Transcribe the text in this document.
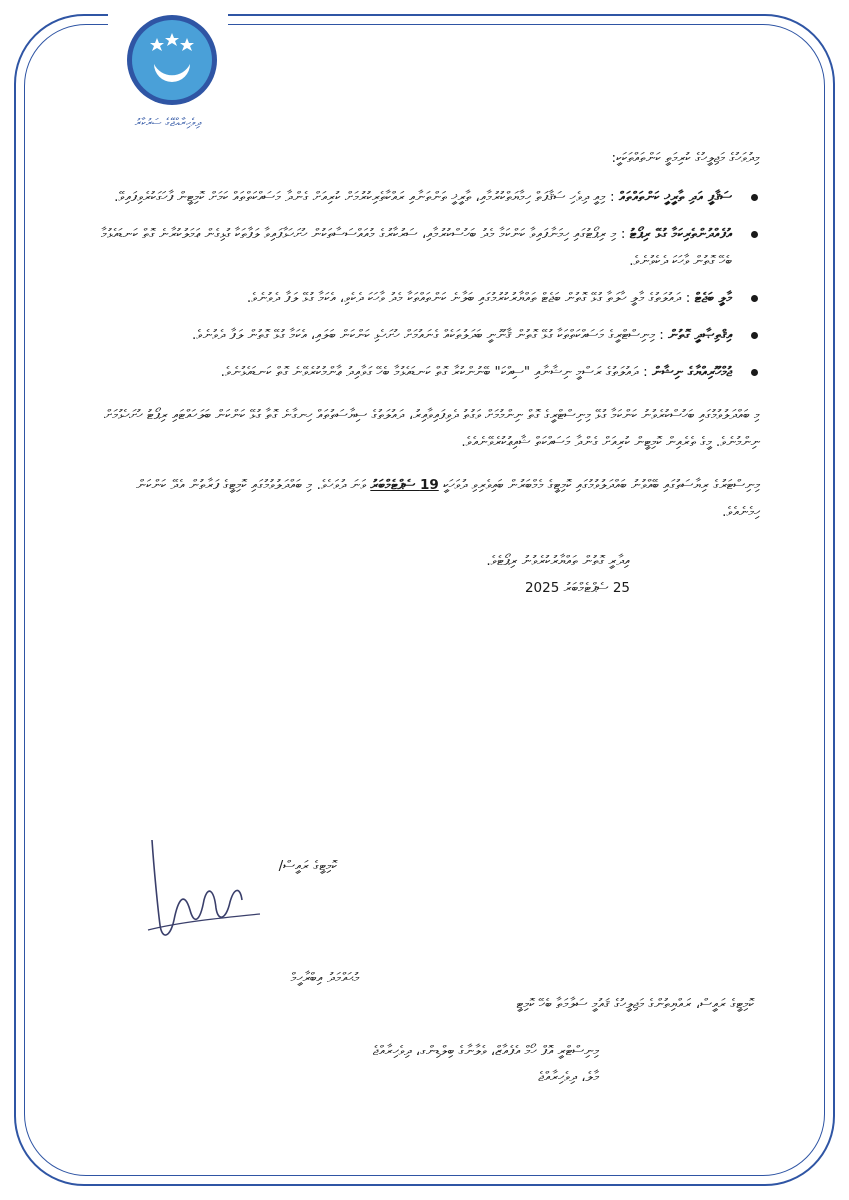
ދިވެހިރާއްޖޭގެ ސަރުކާރު

މިދުވަހުގެ މަޖިލީހުގެ ކުރިމަތީ ކަންތައްތަކަކީ:

ސަޤާފީ އަދި ތާރީޚީ ކަންތައްތައް : މިއީ ދިވެހި ސަޤާފަތް ހިމާޔަތްކުރުމާއި، ތާރީޚީ ތަންތަނާއި ރައްކާތެރިކުރުމަށް ކުރިއަށް ގެންދާ މަސައްކަތްތައް ކަމަށް ކޮމިޓީން ފާހަގަކުރެވިފައިވޭ.
އުފެއްދުންތެރިކަމާ ގުޅޭ ރިޕޯޓު : މި ރިޕޯޓުގައި ހިމަނާފައިވާ ކަންކަމާ މެދު ބަހުސްކުރުމާއި، ސަރުކާރުގެ މުއައްސަސާތަކުން ހުށަހަޅާފައިވާ ލަފާތަކާ ގުޅިގެން ޢަމަލުކުރާނެ ގޮތް ކަނޑައެޅުމާ ބެހޭ ގޮތުން ވާހަކަ ދެކެވުނެވެ.
މާލީ ބަޖެޓް : ދައުލަތުގެ މާލީ ހާލަތާ ގުޅޭ ގޮތުން ބަޖެޓް ތައްޔާރުކުރުމުގައި ބަލާނެ ކަންތައްތަކާ މެދު ވާހަކަ ދެކެވި، އެކަމާ ގުޅޭ ލަފާ ދެވުނެވެ.
އިޤްތިޞާދީ ގޮތުން : މިނިސްޓްރީގެ މަސައްކަތްތަކާ ގުޅޭ ގޮތުން ޤާނޫނީ ބަދަލުތަކެއް ގެނައުމަށް ހުށަހެޅި ކަންކަން ބަލައި، އެކަމާ ގުޅޭ ގޮތުން ލަފާ ދެވުނެވެ.
ޖުމްހޫރިއްޔާގެ ނިޝާން : ދައުލަތުގެ ރަސްމީ ނިޝާނާއި "ސިއްކަ" ބޭނުންކުރާ ގޮތް ކަނޑައެޅުމާ ބެހޭ ގަވާއިދު ޢާންމުކުރެވޭނެ ގޮތް ކަނޑައެޅުނެވެ.

މި ބައްދަލުވުމުގައި ބަހުސްކުރެވުނު ކަންކަމާ ގުޅޭ މިނިސްޓްރީގެ ގޮތް ނިންމުމަށް ވަގުތު ދެވިފައިވާއިރު، ދައުލަތުގެ ސިޔާސަތުތައް ހިނގާނެ ގޮތާ ގުޅޭ ކަންކަން ބަލަހައްޓައި ރިޕޯޓު ހުށަހެޅުމަށް ނިންމުނެވެ. މީގެ ތެރެއިން ކޮމިޓީން ކުރިއަށް ގެންދާ މަސައްކަތް ޝާއިޢުކުރެވޭނެއެވެ.

މިނިސްޓަރުގެ ރިޔާސަތުގައި ބޭއްވުނު ބައްދަލުވުމުގައި ކޮމިޓީގެ މެމްބަރުން ބައިވެރިވި ދުވަހަކީ 19 ސެޕްޓެމްބަރު ވަނަ ދުވަހެވެ. މި ބައްދަލުވުމުގައި ކޮމިޓީގެ ފަރާތުން އެދޭ ކަންކަން ހިމެނެއެވެ.

އިދާރީ ގޮތުން ތައްޔާރުކުރެވުނު ރިޕޯޓެވެ.
25 ސެޕްޓެމްބަރު 2025
ކޮމިޓީގެ ރައީސް/
މުޙައްމަދު އިބްރާހީމް
ކޮމިޓީގެ ރައީސް، ރައްޔިތުންގެ މަޖިލީހުގެ ޤައުމީ ސަލާމަތާ ބެހޭ ކޮމިޓީ
މިނިސްޓްރީ އޮފް ހޯމް އެފެއާޒް، ވެލާނާގެ ބިލްޑިންގ، ދިވެހިރާއްޖެ
މާލެ، ދިވެހިރާއްޖެ
